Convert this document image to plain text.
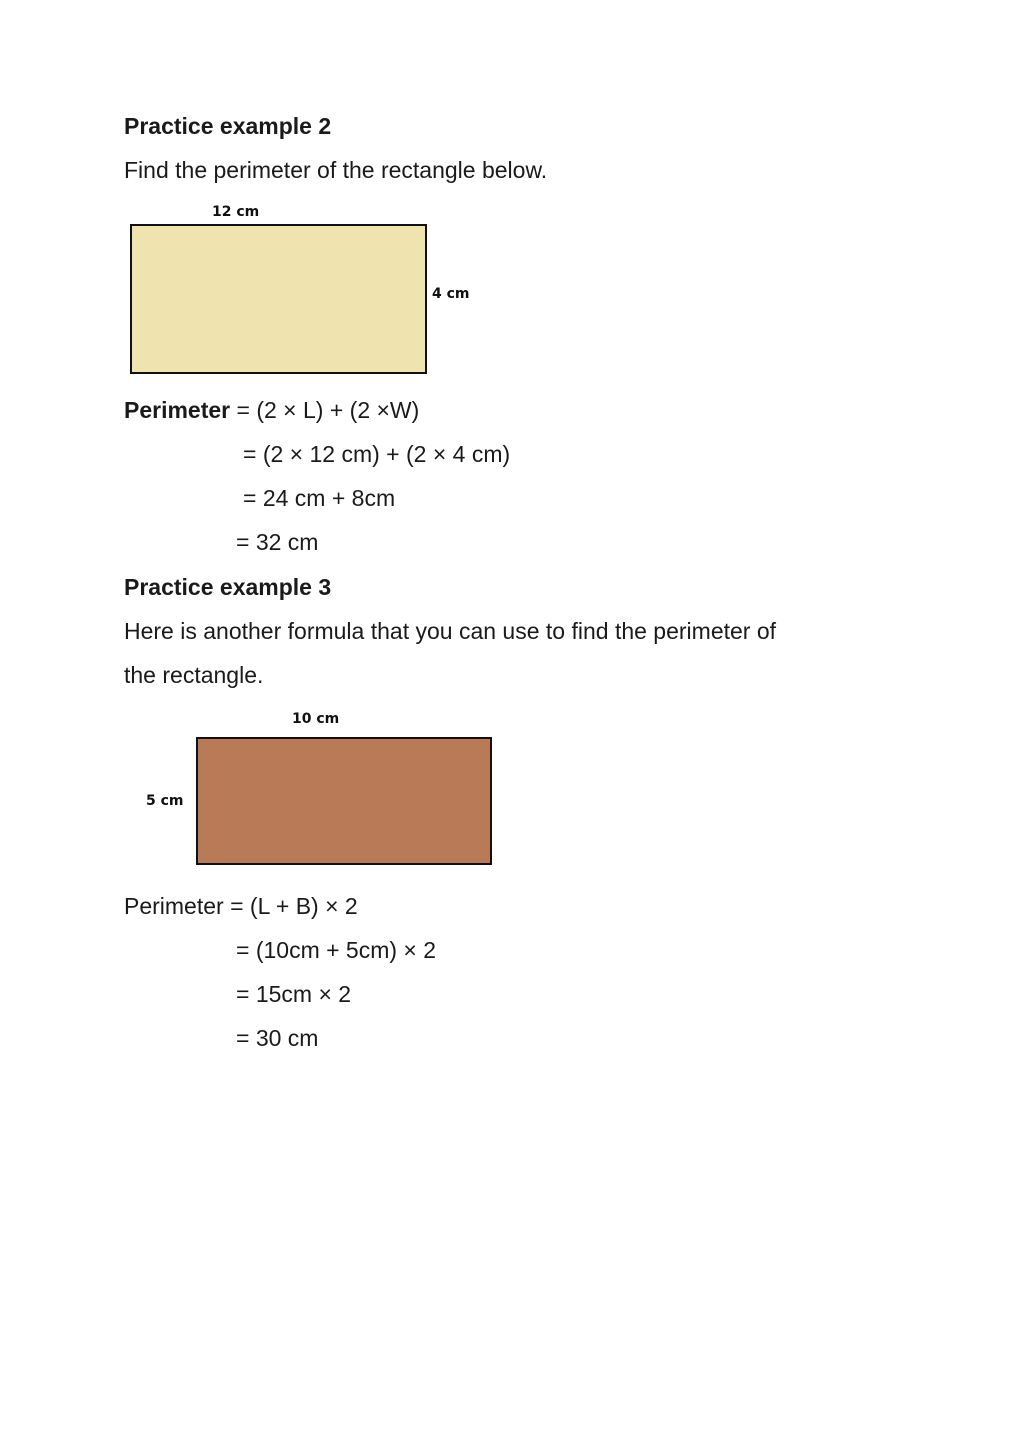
Practice example 2
Find the perimeter of the rectangle below.
12 cm
4 cm
Perimeter = (2 × L) + (2 ×W)
= (2 × 12 cm) + (2 × 4 cm)
= 24 cm + 8cm
= 32 cm
Practice example 3
Here is another formula that you can use to find the perimeter of
the rectangle.
10 cm
5 cm
Perimeter = (L + B) × 2
= (10cm + 5cm) × 2
= 15cm × 2
= 30 cm
